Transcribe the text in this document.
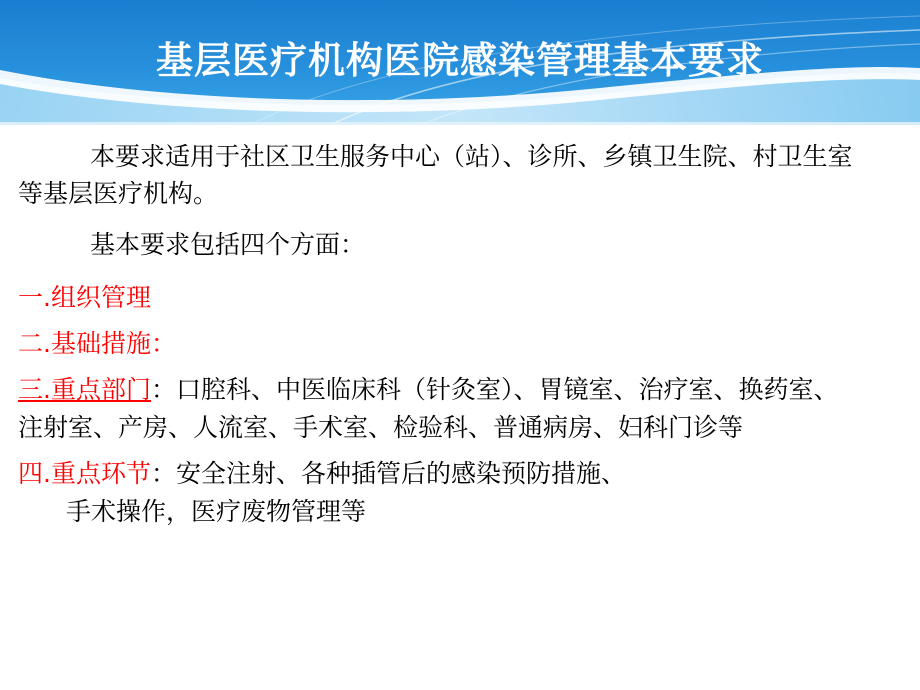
基层医疗机构医院感染管理基本要求

本要求适用于社区卫生服务中心（站）、诊所、乡镇卫生院、村卫生室等基层医疗机构。

基本要求包括四个方面：

一.组织管理

二.基础措施：

三.重点部门：口腔科、中医临床科（针灸室）、胃镜室、治疗室、换药室、注射室、产房、人流室、手术室、检验科、普通病房、妇科门诊等

四.重点环节：安全注射、各种插管后的感染预防措施、

手术操作，医疗废物管理等
